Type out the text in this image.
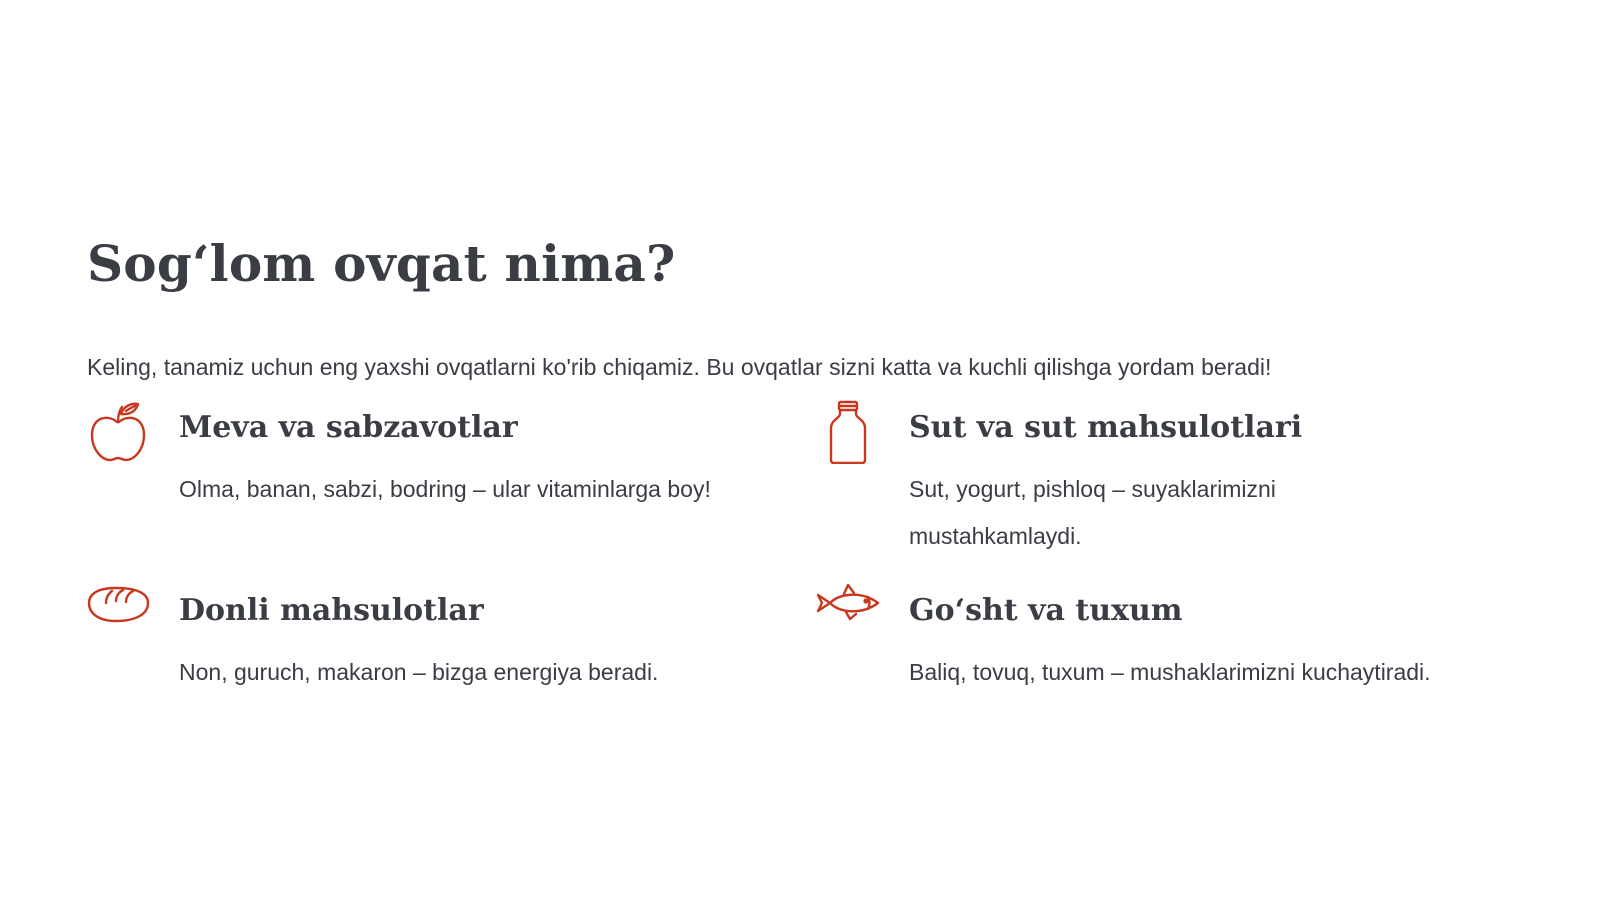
Sog‘lom ovqat nima?

Keling, tanamiz uchun eng yaxshi ovqatlarni ko'rib chiqamiz. Bu ovqatlar sizni katta va kuchli qilishga yordam beradi!

Meva va sabzavotlar

Olma, banan, sabzi, bodring – ular vitaminlarga boy!

Sut va sut mahsulotlari

Sut, yogurt, pishloq – suyaklarimizni mustahkamlaydi.

Donli mahsulotlar

Non, guruch, makaron – bizga energiya beradi.

Go‘sht va tuxum

Baliq, tovuq, tuxum – mushaklarimizni kuchaytiradi.
